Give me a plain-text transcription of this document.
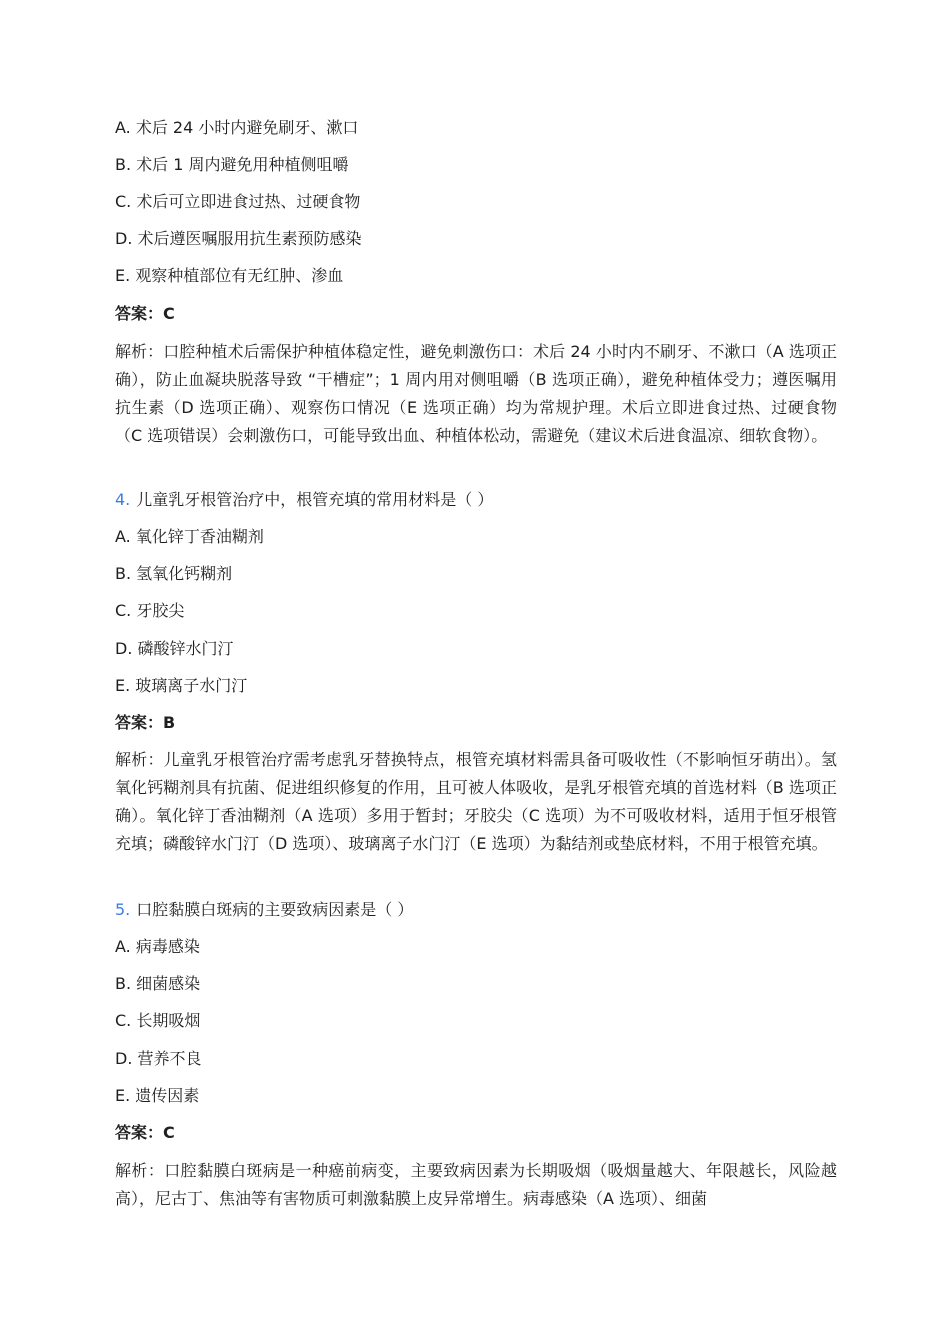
A. 术后 24 小时内避免刷牙、漱口
B. 术后 1 周内避免用种植侧咀嚼
C. 术后可立即进食过热、过硬食物
D. 术后遵医嘱服用抗生素预防感染
E. 观察种植部位有无红肿、渗血
答案：C
解析：口腔种植术后需保护种植体稳定性，避免刺激伤口：术后 24 小时内不刷牙、不漱口（A 选项正确），防止血凝块脱落导致 “干槽症”；1 周内用对侧咀嚼（B 选项正确），避免种植体受力；遵医嘱用抗生素（D 选项正确）、观察伤口情况（E 选项正确）均为常规护理。术后立即进食过热、过硬食物（C 选项错误）会刺激伤口，可能导致出血、种植体松动，需避免（建议术后进食温凉、细软食物）。
4. 儿童乳牙根管治疗中，根管充填的常用材料是（ ）
A. 氧化锌丁香油糊剂
B. 氢氧化钙糊剂
C. 牙胶尖
D. 磷酸锌水门汀
E. 玻璃离子水门汀
答案：B
解析：儿童乳牙根管治疗需考虑乳牙替换特点，根管充填材料需具备可吸收性（不影响恒牙萌出）。氢氧化钙糊剂具有抗菌、促进组织修复的作用，且可被人体吸收，是乳牙根管充填的首选材料（B 选项正确）。氧化锌丁香油糊剂（A 选项）多用于暂封；牙胶尖（C 选项）为不可吸收材料，适用于恒牙根管充填；磷酸锌水门汀（D 选项）、玻璃离子水门汀（E 选项）为黏结剂或垫底材料，不用于根管充填。
5. 口腔黏膜白斑病的主要致病因素是（ ）
A. 病毒感染
B. 细菌感染
C. 长期吸烟
D. 营养不良
E. 遗传因素
答案：C
解析：口腔黏膜白斑病是一种癌前病变，主要致病因素为长期吸烟（吸烟量越大、年限越长，风险越高），尼古丁、焦油等有害物质可刺激黏膜上皮异常增生。病毒感染（A 选项）、细菌
